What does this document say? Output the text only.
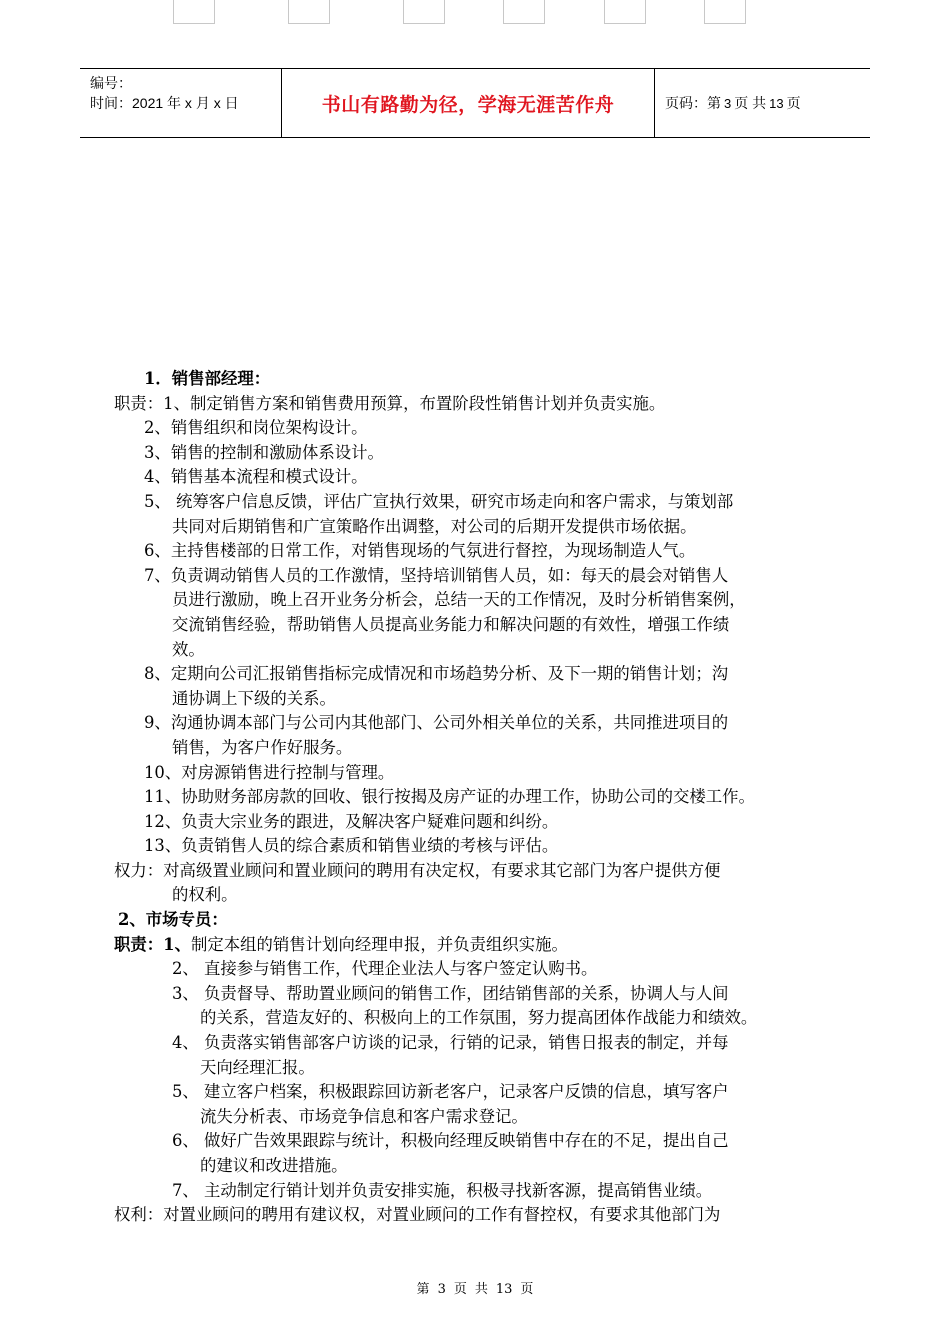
编号：
时间：2021 年 x 月 x 日	书山有路勤为径，学海无涯苦作舟	页码：第 3 页 共 13 页

1．销售部经理：

职责：1、制定销售方案和销售费用预算，布置阶段性销售计划并负责实施。

2、销售组织和岗位架构设计。

3、销售的控制和激励体系设计。

4、销售基本流程和模式设计。

5、 统筹客户信息反馈，评估广宣执行效果，研究市场走向和客户需求，与策划部

共同对后期销售和广宣策略作出调整，对公司的后期开发提供市场依据。

6、主持售楼部的日常工作，对销售现场的气氛进行督控，为现场制造人气。

7、负责调动销售人员的工作激情，坚持培训销售人员，如：每天的晨会对销售人

员进行激励，晚上召开业务分析会，总结一天的工作情况，及时分析销售案例，

交流销售经验，帮助销售人员提高业务能力和解决问题的有效性，增强工作绩

效。

8、定期向公司汇报销售指标完成情况和市场趋势分析、及下一期的销售计划；沟

通协调上下级的关系。

9、沟通协调本部门与公司内其他部门、公司外相关单位的关系，共同推进项目的

销售，为客户作好服务。

10、对房源销售进行控制与管理。

11、协助财务部房款的回收、银行按揭及房产证的办理工作，协助公司的交楼工作。

12、负责大宗业务的跟进，及解决客户疑难问题和纠纷。

13、负责销售人员的综合素质和销售业绩的考核与评估。

权力：对高级置业顾问和置业顾问的聘用有决定权，有要求其它部门为客户提供方便

的权利。

2、市场专员：

职责：1、制定本组的销售计划向经理申报，并负责组织实施。

2、 直接参与销售工作，代理企业法人与客户签定认购书。

3、 负责督导、帮助置业顾问的销售工作，团结销售部的关系，协调人与人间

的关系，营造友好的、积极向上的工作氛围，努力提高团体作战能力和绩效。

4、 负责落实销售部客户访谈的记录，行销的记录，销售日报表的制定，并每

天向经理汇报。

5、 建立客户档案，积极跟踪回访新老客户，记录客户反馈的信息，填写客户

流失分析表、市场竞争信息和客户需求登记。

6、 做好广告效果跟踪与统计，积极向经理反映销售中存在的不足，提出自己

的建议和改进措施。

7、 主动制定行销计划并负责安排实施，积极寻找新客源，提高销售业绩。

权利：对置业顾问的聘用有建议权，对置业顾问的工作有督控权，有要求其他部门为

第 3 页 共 13 页
